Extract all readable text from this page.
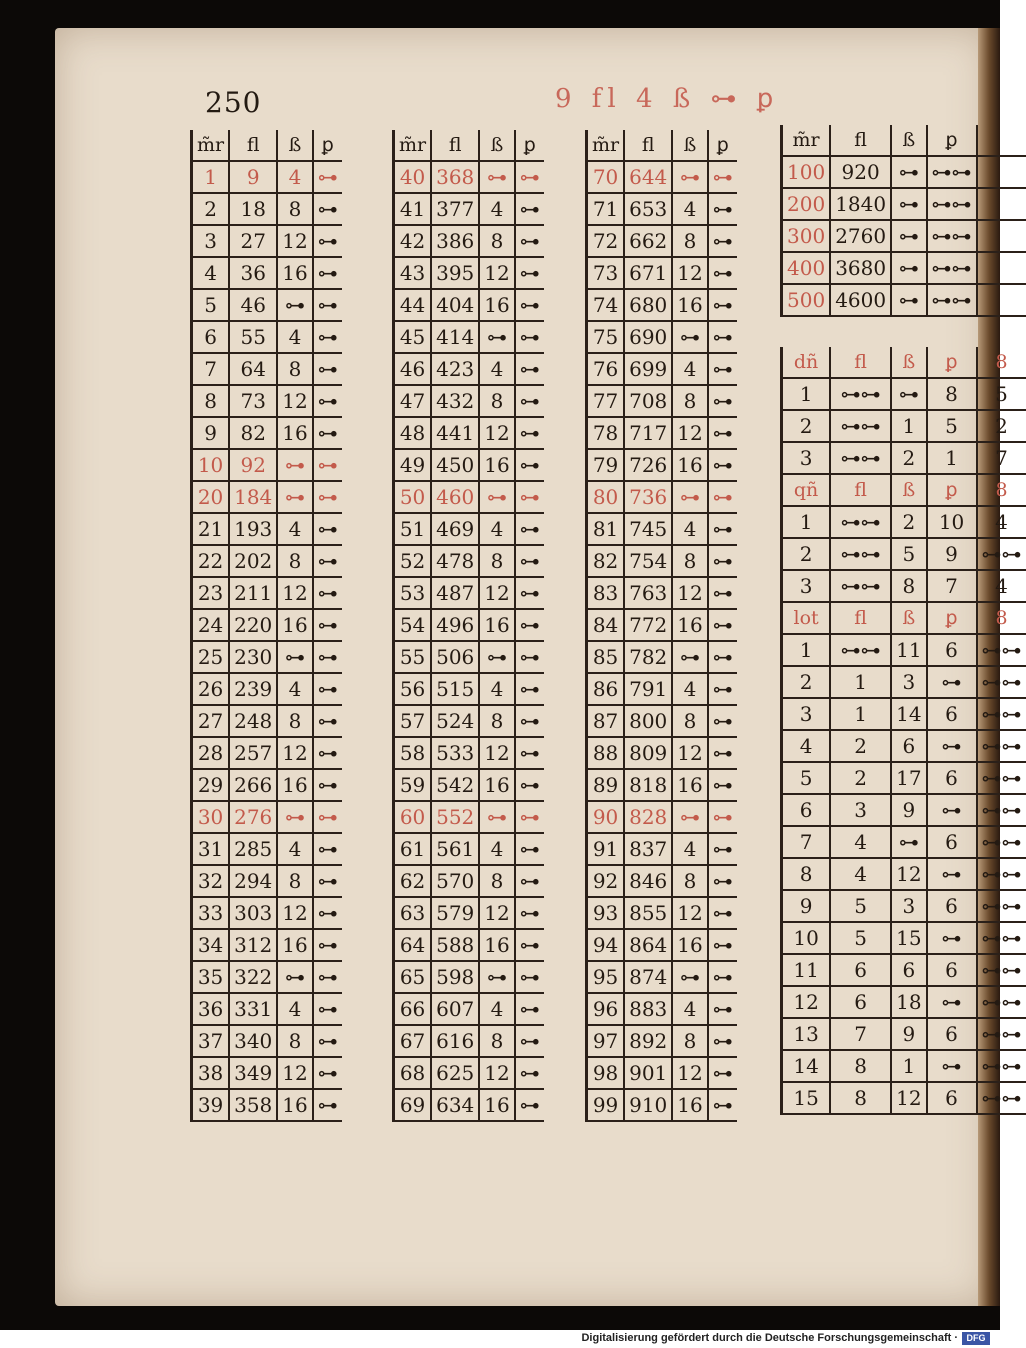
250	9 fl 4 ß ⊶ ꝑ
m̃r	fl	ß	ꝑ
1	9	4	⊶
2	18	8	⊶
3	27	12	⊶
4	36	16	⊶
5	46	⊶	⊶
6	55	4	⊶
7	64	8	⊶
8	73	12	⊶
9	82	16	⊶
10	92	⊶	⊶
20	184	⊶	⊶
21	193	4	⊶
22	202	8	⊶
23	211	12	⊶
24	220	16	⊶
25	230	⊶	⊶
26	239	4	⊶
27	248	8	⊶
28	257	12	⊶
29	266	16	⊶
30	276	⊶	⊶
31	285	4	⊶
32	294	8	⊶
33	303	12	⊶
34	312	16	⊶
35	322	⊶	⊶
36	331	4	⊶
37	340	8	⊶
38	349	12	⊶
39	358	16	⊶
m̃r	fl	ß	ꝑ
40	368	⊶	⊶
41	377	4	⊶
42	386	8	⊶
43	395	12	⊶
44	404	16	⊶
45	414	⊶	⊶
46	423	4	⊶
47	432	8	⊶
48	441	12	⊶
49	450	16	⊶
50	460	⊶	⊶
51	469	4	⊶
52	478	8	⊶
53	487	12	⊶
54	496	16	⊶
55	506	⊶	⊶
56	515	4	⊶
57	524	8	⊶
58	533	12	⊶
59	542	16	⊶
60	552	⊶	⊶
61	561	4	⊶
62	570	8	⊶
63	579	12	⊶
64	588	16	⊶
65	598	⊶	⊶
66	607	4	⊶
67	616	8	⊶
68	625	12	⊶
69	634	16	⊶
m̃r	fl	ß	ꝑ
70	644	⊶	⊶
71	653	4	⊶
72	662	8	⊶
73	671	12	⊶
74	680	16	⊶
75	690	⊶	⊶
76	699	4	⊶
77	708	8	⊶
78	717	12	⊶
79	726	16	⊶
80	736	⊶	⊶
81	745	4	⊶
82	754	8	⊶
83	763	12	⊶
84	772	16	⊶
85	782	⊶	⊶
86	791	4	⊶
87	800	8	⊶
88	809	12	⊶
89	818	16	⊶
90	828	⊶	⊶
91	837	4	⊶
92	846	8	⊶
93	855	12	⊶
94	864	16	⊶
95	874	⊶	⊶
96	883	4	⊶
97	892	8	⊶
98	901	12	⊶
99	910	16	⊶
m̃r	fl	ß	ꝑ	
100	920	⊶	⊶⊶	
200	1840	⊶	⊶⊶	
300	2760	⊶	⊶⊶	
400	3680	⊶	⊶⊶	
500	4600	⊶	⊶⊶	

dñ	fl	ß	ꝑ	8
1	⊶⊶	⊶	8	5
2	⊶⊶	1	5	2
3	⊶⊶	2	1	7
qñ	fl	ß	ꝑ	8
1	⊶⊶	2	10	4
2	⊶⊶	5	9	⊶⊶
3	⊶⊶	8	7	4
lot	fl	ß	ꝑ	8
1	⊶⊶	11	6	⊶⊶
2	1	3	⊶	⊶⊶
3	1	14	6	⊶⊶
4	2	6	⊶	⊶⊶
5	2	17	6	⊶⊶
6	3	9	⊶	⊶⊶
7	4	⊶	6	⊶⊶
8	4	12	⊶	⊶⊶
9	5	3	6	⊶⊶
10	5	15	⊶	⊶⊶
11	6	6	6	⊶⊶
12	6	18	⊶	⊶⊶
13	7	9	6	⊶⊶
14	8	1	⊶	⊶⊶
15	8	12	6	⊶⊶
Digitalisierung gefördert durch die Deutsche Forschungsgemeinschaft · DFG
